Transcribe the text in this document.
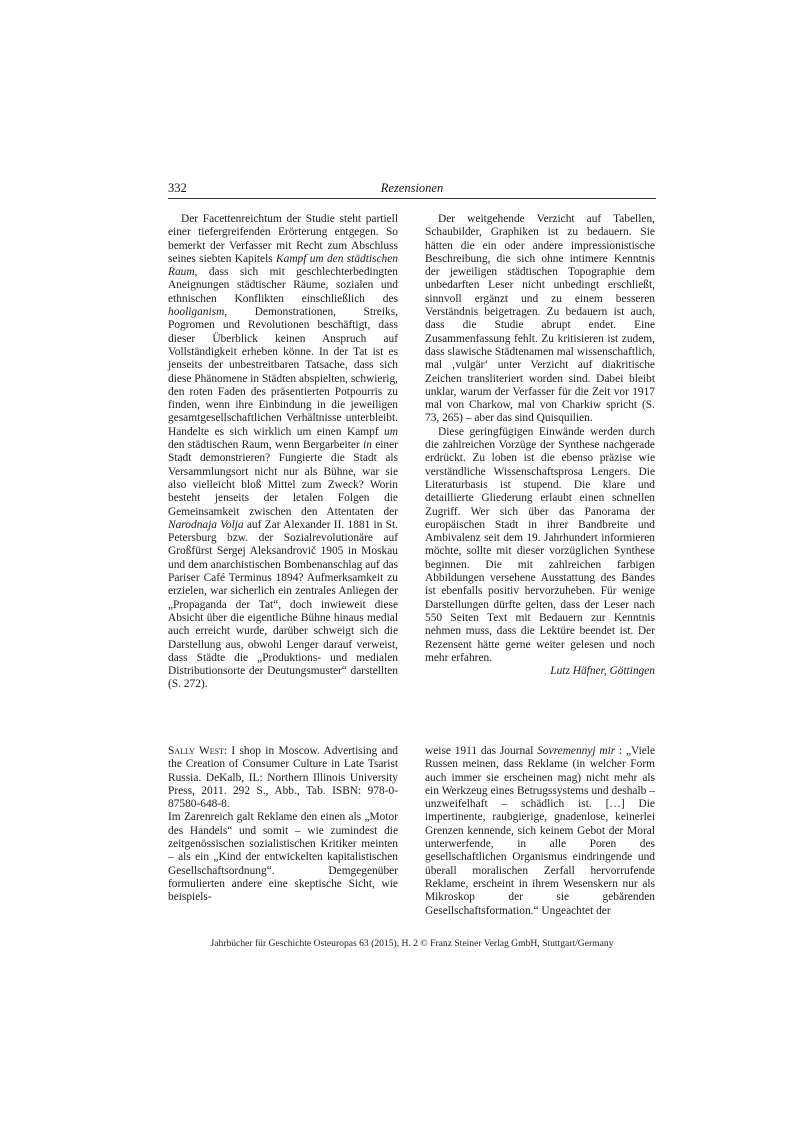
332	Rezensionen

Der Facettenreichtum der Studie steht partiell einer tiefergreifenden Erörterung entgegen. So bemerkt der Verfasser mit Recht zum Abschluss seines siebten Kapitels Kampf um den städtischen Raum, dass sich mit geschlechterbedingten Aneignungen städtischer Räume, sozialen und ethnischen Konflikten einschließlich des hooliganism, Demonstrationen, Streiks, Pogromen und Revolutionen beschäftigt, dass dieser Überblick keinen Anspruch auf Vollständigkeit erheben könne. In der Tat ist es jenseits der unbestreitbaren Tatsache, dass sich diese Phänomene in Städten abspielten, schwierig, den roten Faden des präsentierten Potpourris zu finden, wenn ihre Einbindung in die jeweiligen gesamtgesellschaftlichen Verhältnisse unterbleibt. Handelte es sich wirklich um einen Kampf um den städtischen Raum, wenn Bergarbeiter in einer Stadt demonstrieren? Fungierte die Stadt als Versammlungsort nicht nur als Bühne, war sie also vielleicht bloß Mittel zum Zweck? Worin besteht jenseits der letalen Folgen die Gemeinsamkeit zwischen den Attentaten der Narodnaja Volja auf Zar Alexander II. 1881 in St. Petersburg bzw. der Sozialrevolutionäre auf Großfürst Sergej Aleksandrovič 1905 in Moskau und dem anarchistischen Bombenanschlag auf das Pariser Café Terminus 1894? Aufmerksamkeit zu erzielen, war sicherlich ein zentrales Anliegen der „Propaganda der Tat“, doch inwieweit diese Absicht über die eigentliche Bühne hinaus medial auch erreicht wurde, darüber schweigt sich die Darstellung aus, obwohl Lenger darauf verweist, dass Städte die „Produktions- und medialen Distributionsorte der Deutungsmuster“ darstellten (S. 272).

Der weitgehende Verzicht auf Tabellen, Schaubilder, Graphiken ist zu bedauern. Sie hätten die ein oder andere impressionistische Beschreibung, die sich ohne intimere Kenntnis der jeweiligen städtischen Topographie dem unbedarften Leser nicht unbedingt erschließt, sinnvoll ergänzt und zu einem besseren Verständnis beigetragen. Zu bedauern ist auch, dass die Studie abrupt endet. Eine Zusammenfassung fehlt. Zu kritisieren ist zudem, dass slawische Städtenamen mal wissenschaftlich, mal ‚vulgär‘ unter Verzicht auf diakritische Zeichen transliteriert worden sind. Dabei bleibt unklar, warum der Verfasser für die Zeit vor 1917 mal von Charkow, mal von Charkiw spricht (S. 73, 265) – aber das sind Quisquilien.

Diese geringfügigen Einwände werden durch die zahlreichen Vorzüge der Synthese nachgerade erdrückt. Zu loben ist die ebenso präzise wie verständliche Wissenschaftsprosa Lengers. Die Literaturbasis ist stupend. Die klare und detaillierte Gliederung erlaubt einen schnellen Zugriff. Wer sich über das Panorama der europäischen Stadt in ihrer Bandbreite und Ambivalenz seit dem 19. Jahrhundert informieren möchte, sollte mit dieser vorzüglichen Synthese beginnen. Die mit zahlreichen farbigen Abbildungen versehene Ausstattung des Bandes ist ebenfalls positiv hervorzuheben. Für wenige Darstellungen dürfte gelten, dass der Leser nach 550 Seiten Text mit Bedauern zur Kenntnis nehmen muss, dass die Lektüre beendet ist. Der Rezensent hätte gerne weiter gelesen und noch mehr erfahren.

Lutz Häfner, Göttingen

Sally West: I shop in Moscow. Advertising and the Creation of Consumer Culture in Late Tsarist Russia. DeKalb, IL: Northern Illinois University Press, 2011. 292 S., Abb., Tab. ISBN: 978-0-87580-648-8.

Im Zarenreich galt Reklame den einen als „Motor des Handels“ und somit – wie zumindest die zeitgenössischen sozialistischen Kritiker meinten – als ein „Kind der entwickelten kapitalistischen Gesellschaftsordnung“. Demgegenüber formulierten andere eine skeptische Sicht, wie beispiels-

weise 1911 das Journal Sovremennyj mir : „Viele Russen meinen, dass Reklame (in welcher Form auch immer sie erscheinen mag) nicht mehr als ein Werkzeug eines Betrugssystems und deshalb – unzweifelhaft – schädlich ist. […] Die impertinente, raubgierige, gnadenlose, keinerlei Grenzen kennende, sich keinem Gebot der Moral unterwerfende, in alle Poren des gesellschaftlichen Organismus eindringende und überall moralischen Zerfall hervorrufende Reklame, erscheint in ihrem Wesenskern nur als Mikroskop der sie gebärenden Gesellschaftsformation.“ Ungeachtet der

Jahrbücher für Geschichte Osteuropas 63 (2015), H. 2 © Franz Steiner Verlag GmbH, Stuttgart/Germany
